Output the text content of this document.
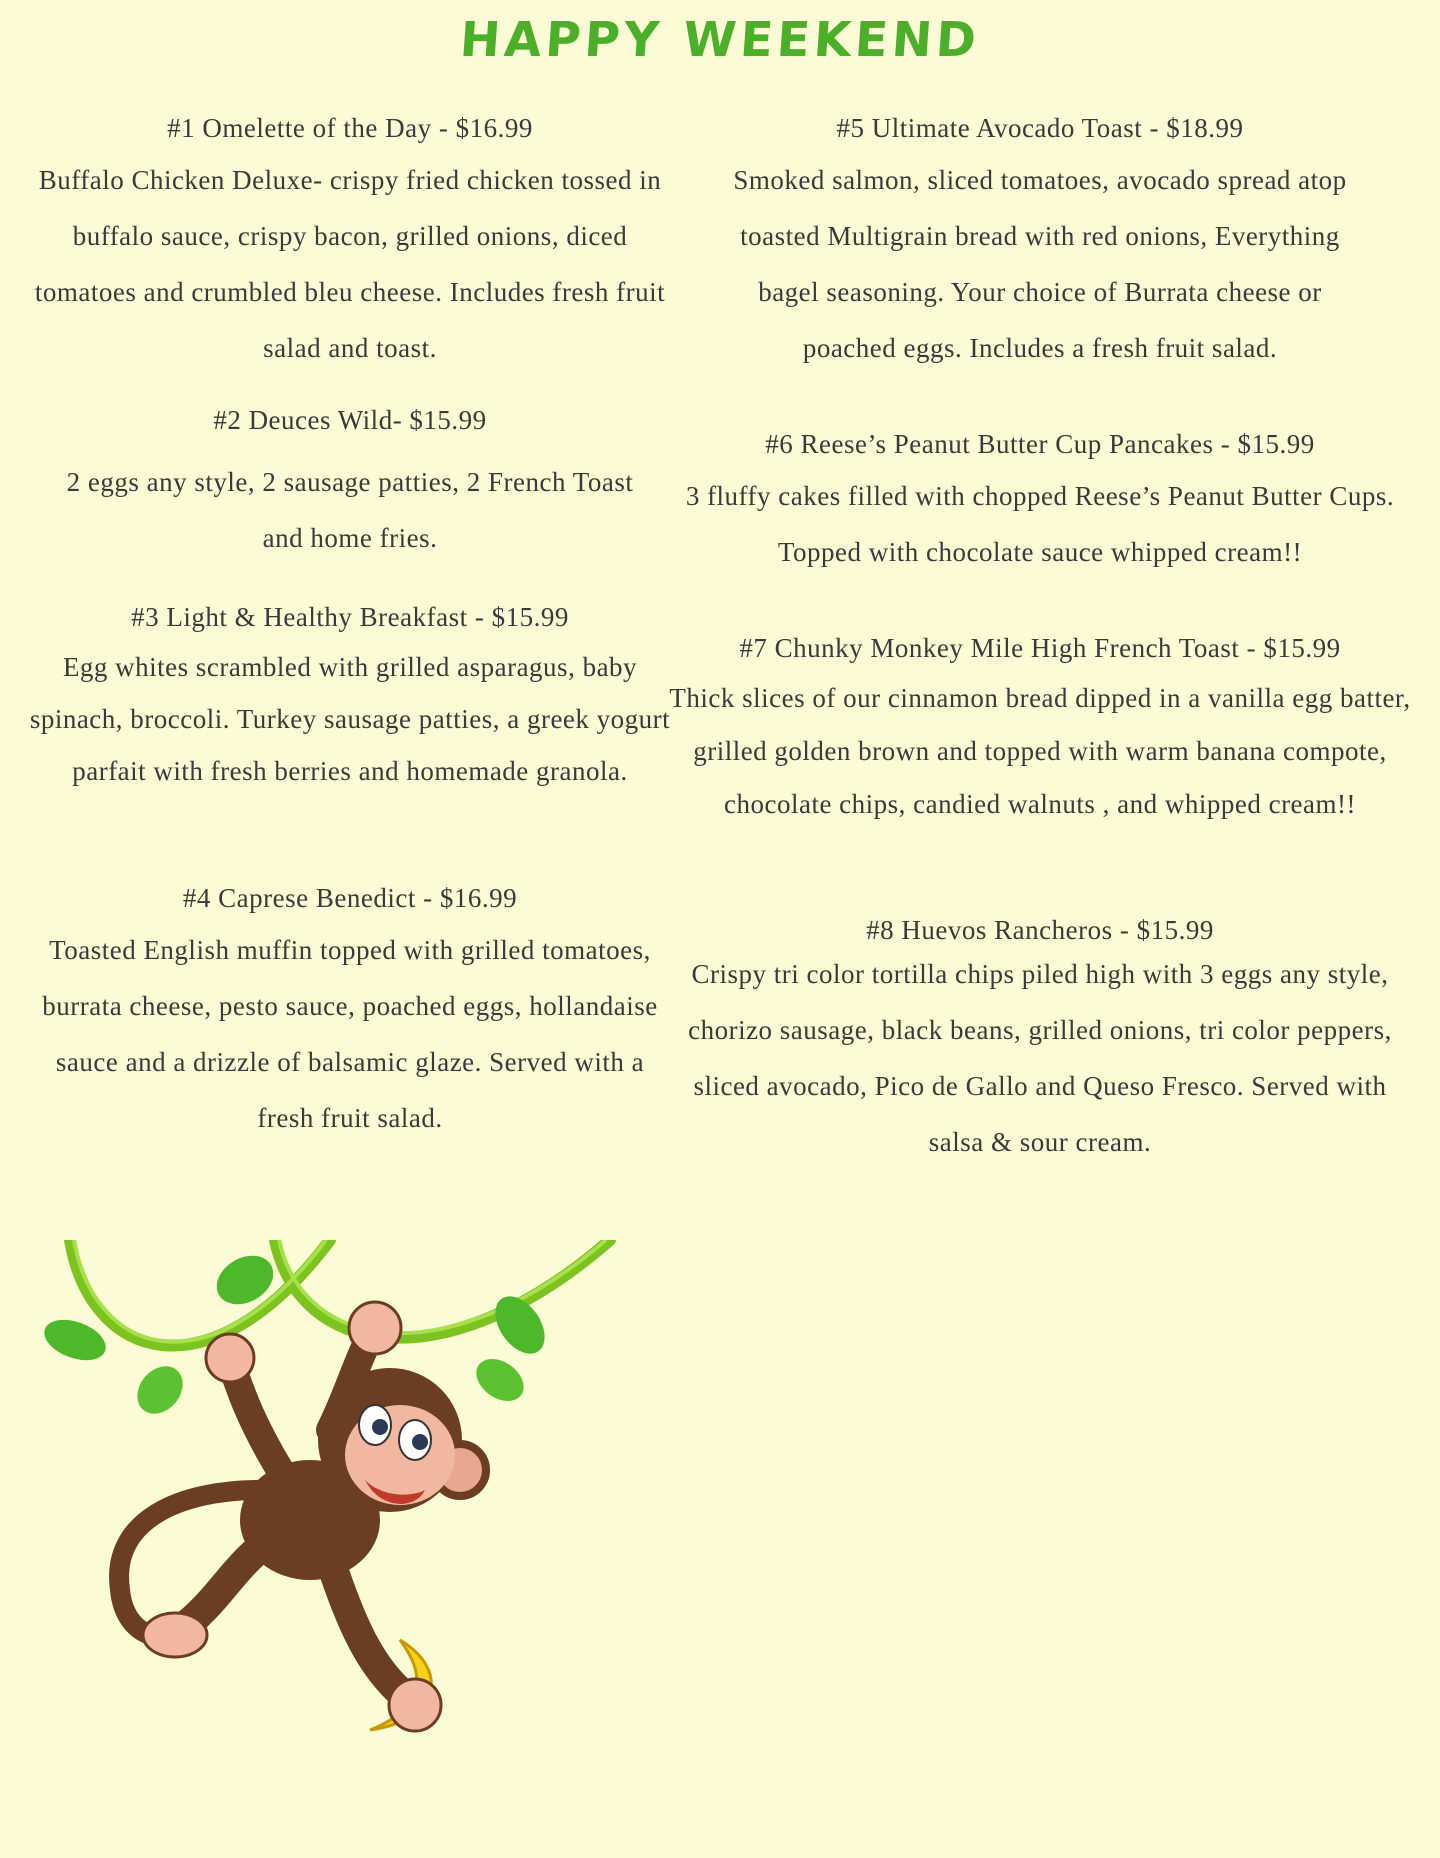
HAPPY WEEKEND
#1 Omelette of the Day - $16.99
Buffalo Chicken Deluxe- crispy fried chicken tossed in buffalo sauce, crispy bacon, grilled onions, diced tomatoes and crumbled bleu cheese. Includes fresh fruit salad and toast.
#2 Deuces Wild- $15.99
2 eggs any style, 2 sausage patties, 2 French Toast and home fries.
#3 Light & Healthy Breakfast - $15.99
Egg whites scrambled with grilled asparagus, baby spinach, broccoli. Turkey sausage patties, a greek yogurt parfait with fresh berries and homemade granola.
#4 Caprese Benedict - $16.99
Toasted English muffin topped with grilled tomatoes, burrata cheese, pesto sauce, poached eggs, hollandaise sauce and a drizzle of balsamic glaze. Served with a fresh fruit salad.
#5 Ultimate Avocado Toast - $18.99
Smoked salmon, sliced tomatoes, avocado spread atop toasted Multigrain bread with red onions, Everything bagel seasoning. Your choice of Burrata cheese or poached eggs. Includes a fresh fruit salad.
#6 Reese’s Peanut Butter Cup Pancakes - $15.99
3 fluffy cakes filled with chopped Reese’s Peanut Butter Cups. Topped with chocolate sauce whipped cream!!
#7 Chunky Monkey Mile High French Toast - $15.99
Thick slices of our cinnamon bread dipped in a vanilla egg batter, grilled golden brown and topped with warm banana compote, chocolate chips, candied walnuts , and whipped cream!!
#8 Huevos Rancheros - $15.99
Crispy tri color tortilla chips piled high with 3 eggs any style, chorizo sausage, black beans, grilled onions, tri color peppers, sliced avocado, Pico de Gallo and Queso Fresco. Served with salsa & sour cream.
